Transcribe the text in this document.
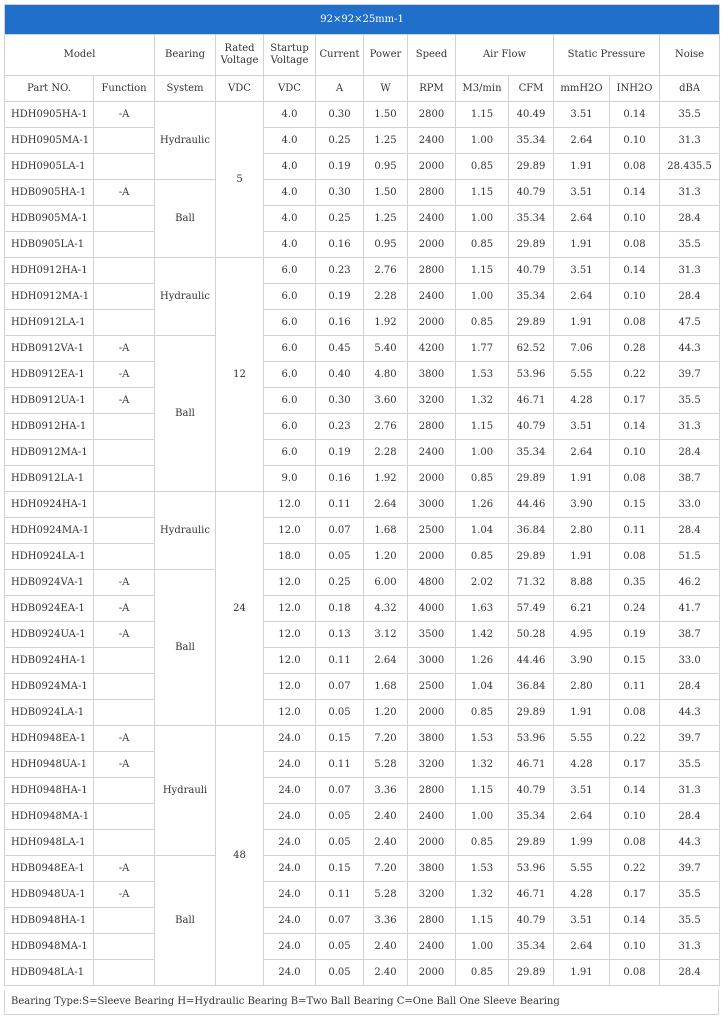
92×92×25mm-1												
Model		Bearing	Rated Voltage	Startup Voltage	Current	Power	Speed	Air Flow		Static Pressure		Noise
Part NO.	Function	System	VDC	VDC	A	W	RPM	M3/min	CFM	mmH2O	INH2O	dBA
HDH0905HA-1	-A	Hydraulic	5	4.0	0.30	1.50	2800	1.15	40.49	3.51	0.14	35.5
HDH0905MA-1				4.0	0.25	1.25	2400	1.00	35.34	2.64	0.10	31.3
HDH0905LA-1				4.0	0.19	0.95	2000	0.85	29.89	1.91	0.08	28.435.5
HDB0905HA-1	-A	Ball		4.0	0.30	1.50	2800	1.15	40.79	3.51	0.14	31.3
HDB0905MA-1				4.0	0.25	1.25	2400	1.00	35.34	2.64	0.10	28.4
HDB0905LA-1				4.0	0.16	0.95	2000	0.85	29.89	1.91	0.08	35.5
HDH0912HA-1		Hydraulic	12	6.0	0.23	2.76	2800	1.15	40.79	3.51	0.14	31.3
HDH0912MA-1				6.0	0.19	2.28	2400	1.00	35.34	2.64	0.10	28.4
HDH0912LA-1				6.0	0.16	1.92	2000	0.85	29.89	1.91	0.08	47.5
HDB0912VA-1	-A	Ball		6.0	0.45	5.40	4200	1.77	62.52	7.06	0.28	44.3
HDB0912EA-1	-A			6.0	0.40	4.80	3800	1.53	53.96	5.55	0.22	39.7
HDB0912UA-1	-A			6.0	0.30	3.60	3200	1.32	46.71	4.28	0.17	35.5
HDB0912HA-1				6.0	0.23	2.76	2800	1.15	40.79	3.51	0.14	31.3
HDB0912MA-1				6.0	0.19	2.28	2400	1.00	35.34	2.64	0.10	28.4
HDB0912LA-1				9.0	0.16	1.92	2000	0.85	29.89	1.91	0.08	38.7
HDH0924HA-1		Hydraulic	24	12.0	0.11	2.64	3000	1.26	44.46	3.90	0.15	33.0
HDH0924MA-1				12.0	0.07	1.68	2500	1.04	36.84	2.80	0.11	28.4
HDH0924LA-1				18.0	0.05	1.20	2000	0.85	29.89	1.91	0.08	51.5
HDB0924VA-1	-A	Ball		12.0	0.25	6.00	4800	2.02	71.32	8.88	0.35	46.2
HDB0924EA-1	-A			12.0	0.18	4.32	4000	1.63	57.49	6.21	0.24	41.7
HDB0924UA-1	-A			12.0	0.13	3.12	3500	1.42	50.28	4.95	0.19	38.7
HDB0924HA-1				12.0	0.11	2.64	3000	1.26	44.46	3.90	0.15	33.0
HDB0924MA-1				12.0	0.07	1.68	2500	1.04	36.84	2.80	0.11	28.4
HDB0924LA-1				12.0	0.05	1.20	2000	0.85	29.89	1.91	0.08	44.3
HDH0948EA-1	-A	Hydrauli	48	24.0	0.15	7.20	3800	1.53	53.96	5.55	0.22	39.7
HDH0948UA-1	-A			24.0	0.11	5.28	3200	1.32	46.71	4.28	0.17	35.5
HDH0948HA-1				24.0	0.07	3.36	2800	1.15	40.79	3.51	0.14	31.3
HDH0948MA-1				24.0	0.05	2.40	2400	1.00	35.34	2.64	0.10	28.4
HDH0948LA-1				24.0	0.05	2.40	2000	0.85	29.89	1.99	0.08	44.3
HDB0948EA-1	-A	Ball		24.0	0.15	7.20	3800	1.53	53.96	5.55	0.22	39.7
HDB0948UA-1	-A			24.0	0.11	5.28	3200	1.32	46.71	4.28	0.17	35.5
HDB0948HA-1				24.0	0.07	3.36	2800	1.15	40.79	3.51	0.14	35.5
HDB0948MA-1				24.0	0.05	2.40	2400	1.00	35.34	2.64	0.10	31.3
HDB0948LA-1				24.0	0.05	2.40	2000	0.85	29.89	1.91	0.08	28.4
Bearing Type:S=Sleeve Bearing H=Hydraulic Bearing B=Two Ball Bearing C=One Ball One Sleeve Bearing
